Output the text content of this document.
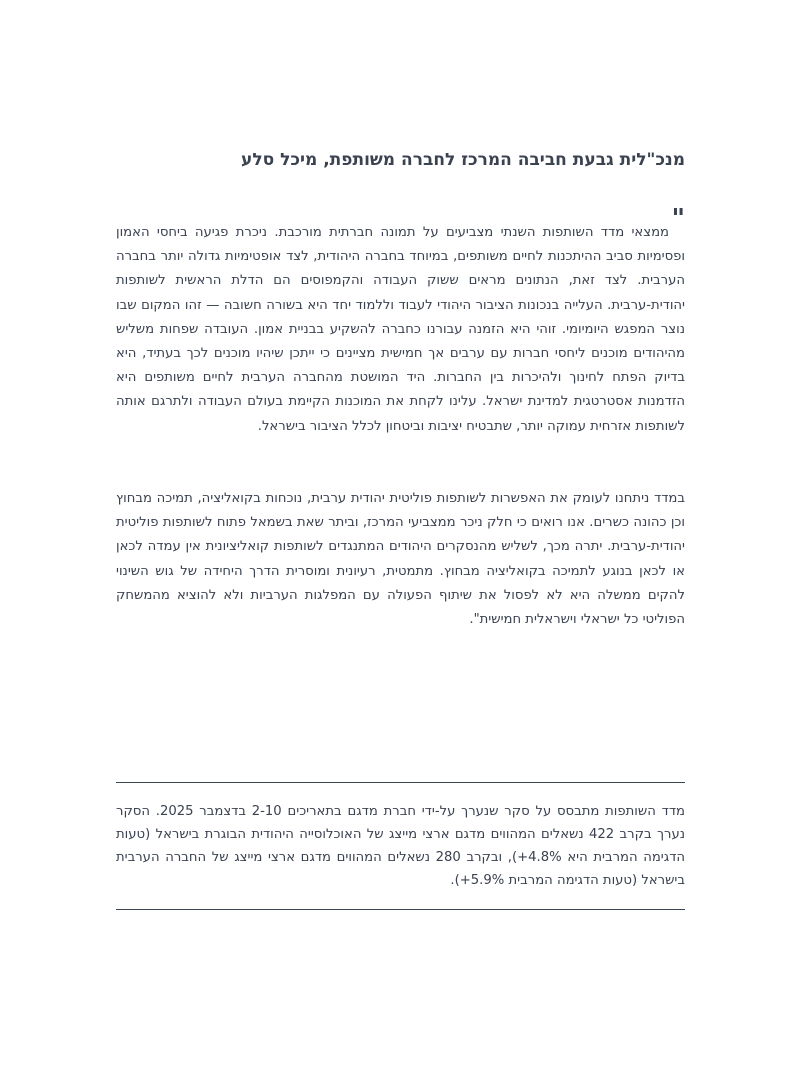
מנכ"לית גבעת חביבה המרכז לחברה משותפת, מיכל סלע
"

ממצאי מדד השותפות השנתי מצביעים על תמונה חברתית מורכבת. ניכרת פגיעה ביחסי האמון ופסימיות סביב ההיתכנות לחיים משותפים, במיוחד בחברה היהודית, לצד אופטימיות גדולה יותר בחברה הערבית. לצד זאת, הנתונים מראים ששוק העבודה והקמפוסים הם הדלת הראשית לשותפות יהודית-ערבית. העלייה בנכונות הציבור היהודי לעבוד וללמוד יחד היא בשורה חשובה — זהו המקום שבו נוצר המפגש היומיומי. זוהי היא הזמנה עבורנו כחברה להשקיע בבניית אמון. העובדה שפחות משליש מהיהודים מוכנים ליחסי חברות עם ערבים אך חמישית מציינים כי ייתכן שיהיו מוכנים לכך בעתיד, היא בדיוק הפתח לחינוך ולהיכרות בין החברות. היד המושטת מהחברה הערבית לחיים משותפים היא הזדמנות אסטרטגית למדינת ישראל. עלינו לקחת את המוכנות הקיימת בעולם העבודה ולתרגם אותה לשותפות אזרחית עמוקה יותר, שתבטיח יציבות וביטחון לכלל הציבור בישראל.

במדד ניתחנו לעומק את האפשרות לשותפות פוליטית יהודית ערבית, נוכחות בקואליציה, תמיכה מבחוץ וכן כהונה כשרים. אנו רואים כי חלק ניכר ממצביעי המרכז, וביתר שאת בשמאל פתוח לשותפות פוליטית יהודית-ערבית. יתרה מכך, לשליש מהנסקרים היהודים המתנגדים לשותפות קואליציונית אין עמדה לכאן או לכאן בנוגע לתמיכה בקואליציה מבחוץ. מתמטית, רעיונית ומוסרית הדרך היחידה של גוש השינוי להקים ממשלה היא לא לפסול את שיתוף הפעולה עם המפלגות הערביות ולא להוציא מהמשחק הפוליטי כל ישראלי וישראלית חמישית".

מדד השותפות מתבסס על סקר שנערך על-ידי חברת מדגם בתאריכים 2-10 בדצמבר 2025. הסקר נערך בקרב 422 נשאלים המהווים מדגם ארצי מייצג של האוכלוסייה היהודית הבוגרת בישראל (טעות הדגימה המרבית היא 4.8%+), ובקרב 280 נשאלים המהווים מדגם ארצי מייצג של החברה הערבית בישראל (טעות הדגימה המרבית 5.9%+).
